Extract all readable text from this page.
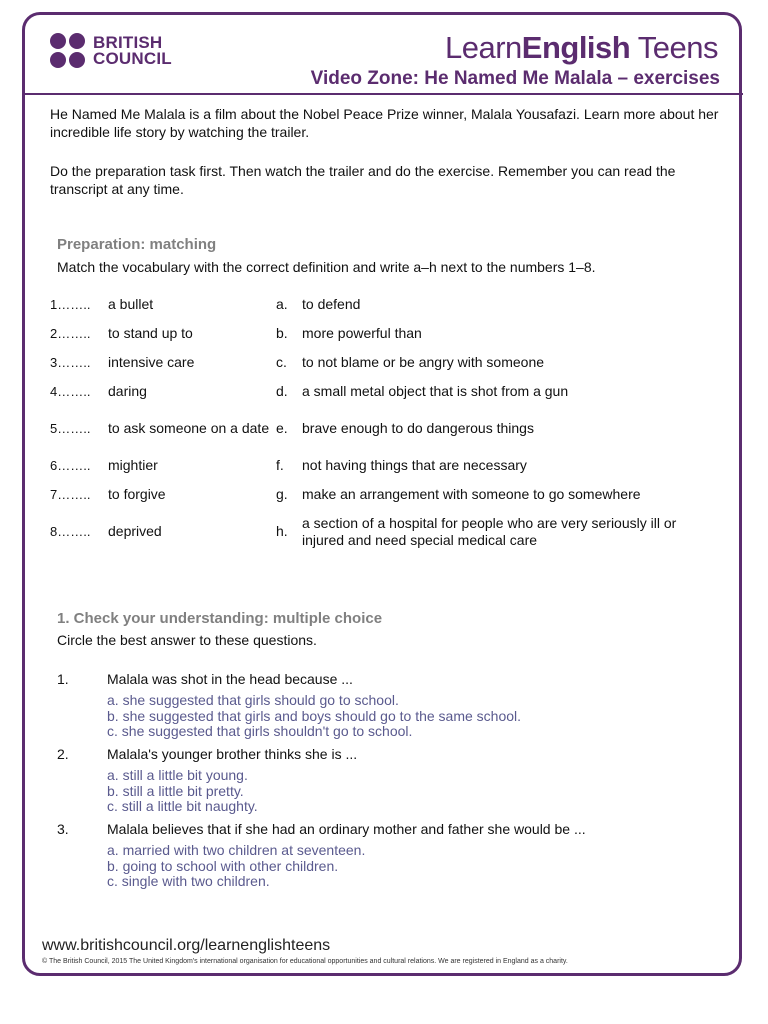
BRITISH
COUNCIL	LearnEnglish Teens
Video Zone: He Named Me Malala – exercises
He Named Me Malala is a film about the Nobel Peace Prize winner, Malala Yousafazi. Learn more about her incredible life story by watching the trailer.
Do the preparation task first. Then watch the trailer and do the exercise. Remember you can read the transcript at any time.
Preparation: matching
Match the vocabulary with the correct definition and write a–h next to the numbers 1–8.
1……..	a bullet	a.	to defend
2……..	to stand up to	b.	more powerful than
3……..	intensive care	c.	to not blame or be angry with someone
4……..	daring	d.	a small metal object that is shot from a gun
5……..	to ask someone on a date	e.	brave enough to do dangerous things
6……..	mightier	f.	not having things that are necessary
7……..	to forgive	g.	make an arrangement with someone to go somewhere
8……..	deprived	h.	a section of a hospital for people who are very seriously ill or injured and need special medical care
1. Check your understanding: multiple choice
Circle the best answer to these questions.
1.	Malala was shot in the head because ...
a. she suggested that girls should go to school.
b. she suggested that girls and boys should go to the same school.
c. she suggested that girls shouldn't go to school.
2.	Malala's younger brother thinks she is ...
a. still a little bit young.
b. still a little bit pretty.
c. still a little bit naughty.
3.	Malala believes that if she had an ordinary mother and father she would be ...
a. married with two children at seventeen.
b. going to school with other children.
c. single with two children.
www.britishcouncil.org/learnenglishteens
© The British Council, 2015 The United Kingdom's international organisation for educational opportunities and cultural relations. We are registered in England as a charity.
